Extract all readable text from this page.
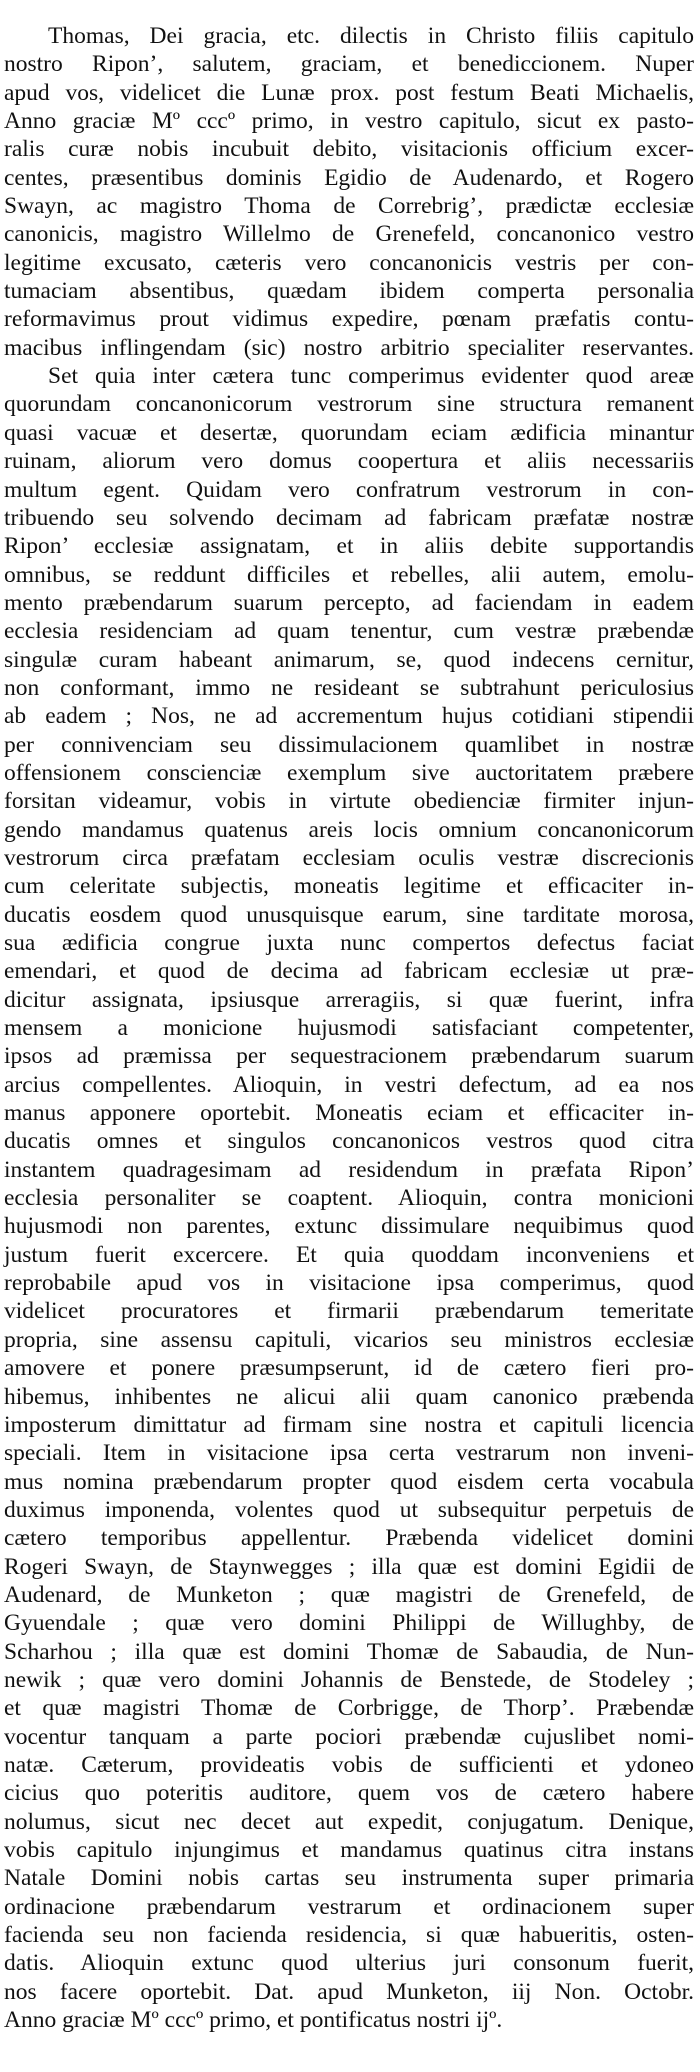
Thomas, Dei gracia, etc. dilectis in Christo filiis capitulo
nostro Ripon’, salutem, graciam, et benediccionem. Nuper
apud vos, videlicet die Lunæ prox. post festum Beati Michaelis,
Anno graciæ Mº cccº primo, in vestro capitulo, sicut ex pasto-
ralis curæ nobis incubuit debito, visitacionis officium excer-
centes, præsentibus dominis Egidio de Audenardo, et Rogero
Swayn, ac magistro Thoma de Correbrig’, prædictæ ecclesiæ
canonicis, magistro Willelmo de Grenefeld, concanonico vestro
legitime excusato, cæteris vero concanonicis vestris per con-
tumaciam absentibus, quædam ibidem comperta personalia
reformavimus prout vidimus expedire, pœnam præfatis contu-
macibus inflingendam (sic) nostro arbitrio specialiter reservantes.
Set quia inter cætera tunc comperimus evidenter quod areæ
quorundam concanonicorum vestrorum sine structura remanent
quasi vacuæ et desertæ, quorundam eciam ædificia minantur
ruinam, aliorum vero domus coopertura et aliis necessariis
multum egent. Quidam vero confratrum vestrorum in con-
tribuendo seu solvendo decimam ad fabricam præfatæ nostræ
Ripon’ ecclesiæ assignatam, et in aliis debite supportandis
omnibus, se reddunt difficiles et rebelles, alii autem, emolu-
mento præbendarum suarum percepto, ad faciendam in eadem
ecclesia residenciam ad quam tenentur, cum vestræ præbendæ
singulæ curam habeant animarum, se, quod indecens cernitur,
non conformant, immo ne resideant se subtrahunt periculosius
ab eadem ; Nos, ne ad accrementum hujus cotidiani stipendii
per connivenciam seu dissimulacionem quamlibet in nostræ
offensionem conscienciæ exemplum sive auctoritatem præbere
forsitan videamur, vobis in virtute obedienciæ firmiter injun-
gendo mandamus quatenus areis locis omnium concanonicorum
vestrorum circa præfatam ecclesiam oculis vestræ discrecionis
cum celeritate subjectis, moneatis legitime et efficaciter in-
ducatis eosdem quod unusquisque earum, sine tarditate morosa,
sua ædificia congrue juxta nunc compertos defectus faciat
emendari, et quod de decima ad fabricam ecclesiæ ut præ-
dicitur assignata, ipsiusque arreragiis, si quæ fuerint, infra
mensem a monicione hujusmodi satisfaciant competenter,
ipsos ad præmissa per sequestracionem præbendarum suarum
arcius compellentes. Alioquin, in vestri defectum, ad ea nos
manus apponere oportebit. Moneatis eciam et efficaciter in-
ducatis omnes et singulos concanonicos vestros quod citra
instantem quadragesimam ad residendum in præfata Ripon’
ecclesia personaliter se coaptent. Alioquin, contra monicioni
hujusmodi non parentes, extunc dissimulare nequibimus quod
justum fuerit excercere. Et quia quoddam inconveniens et
reprobabile apud vos in visitacione ipsa comperimus, quod
videlicet procuratores et firmarii præbendarum temeritate
propria, sine assensu capituli, vicarios seu ministros ecclesiæ
amovere et ponere præsumpserunt, id de cætero fieri pro-
hibemus, inhibentes ne alicui alii quam canonico præbenda
imposterum dimittatur ad firmam sine nostra et capituli licencia
speciali. Item in visitacione ipsa certa vestrarum non inveni-
mus nomina præbendarum propter quod eisdem certa vocabula
duximus imponenda, volentes quod ut subsequitur perpetuis de
cætero temporibus appellentur. Præbenda videlicet domini
Rogeri Swayn, de Staynwegges ; illa quæ est domini Egidii de
Audenard, de Munketon ; quæ magistri de Grenefeld, de
Gyuendale ; quæ vero domini Philippi de Willughby, de
Scharhou ; illa quæ est domini Thomæ de Sabaudia, de Nun-
newik ; quæ vero domini Johannis de Benstede, de Stodeley ;
et quæ magistri Thomæ de Corbrigge, de Thorp’. Præbendæ
vocentur tanquam a parte pociori præbendæ cujuslibet nomi-
natæ. Cæterum, provideatis vobis de sufficienti et ydoneo
cicius quo poteritis auditore, quem vos de cætero habere
nolumus, sicut nec decet aut expedit, conjugatum. Denique,
vobis capitulo injungimus et mandamus quatinus citra instans
Natale Domini nobis cartas seu instrumenta super primaria
ordinacione præbendarum vestrarum et ordinacionem super
facienda seu non facienda residencia, si quæ habueritis, osten-
datis. Alioquin extunc quod ulterius juri consonum fuerit,
nos facere oportebit. Dat. apud Munketon, iij Non. Octobr.
Anno graciæ Mº cccº primo, et pontificatus nostri ijº.
